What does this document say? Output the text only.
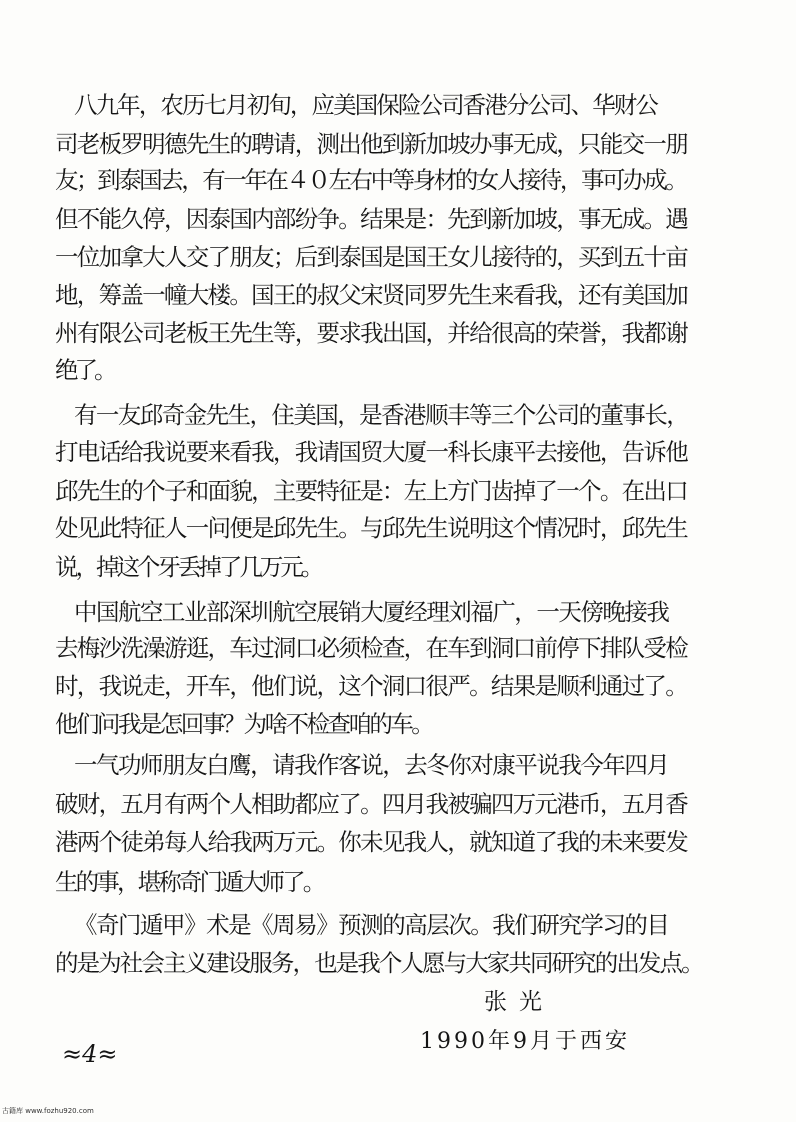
八九年，农历七月初旬，应美国保险公司香港分公司、华财公
司老板罗明德先生的聘请，测出他到新加坡办事无成，只能交一朋
友；到泰国去，有一年在４０左右中等身材的女人接待，事可办成。
但不能久停，因泰国内部纷争。结果是：先到新加坡，事无成。遇
一位加拿大人交了朋友；后到泰国是国王女儿接待的，买到五十亩
地，筹盖一幢大楼。国王的叔父宋贤同罗先生来看我，还有美国加
州有限公司老板王先生等，要求我出国，并给很高的荣誉，我都谢
绝了。
有一友邱奇金先生，住美国，是香港顺丰等三个公司的董事长，
打电话给我说要来看我，我请国贸大厦一科长康平去接他，告诉他
邱先生的个子和面貌，主要特征是：左上方门齿掉了一个。在出口
处见此特征人一问便是邱先生。与邱先生说明这个情况时，邱先生
说，掉这个牙丢掉了几万元。
中国航空工业部深圳航空展销大厦经理刘福广，一天傍晚接我
去梅沙洗澡游逛，车过洞口必须检查，在车到洞口前停下排队受检
时，我说走，开车，他们说，这个洞口很严。结果是顺利通过了。
他们问我是怎回事？为啥不检查咱的车。
一气功师朋友白鹰，请我作客说，去冬你对康平说我今年四月
破财，五月有两个人相助都应了。四月我被骗四万元港币，五月香
港两个徒弟每人给我两万元。你未见我人，就知道了我的未来要发
生的事，堪称奇门遁大师了。
《奇门遁甲》术是《周易》预测的高层次。我们研究学习的目
的是为社会主义建设服务，也是我个人愿与大家共同研究的出发点。
张光
1990年9月于西安
≈4≈
古籍库 www.fozhu920.com
